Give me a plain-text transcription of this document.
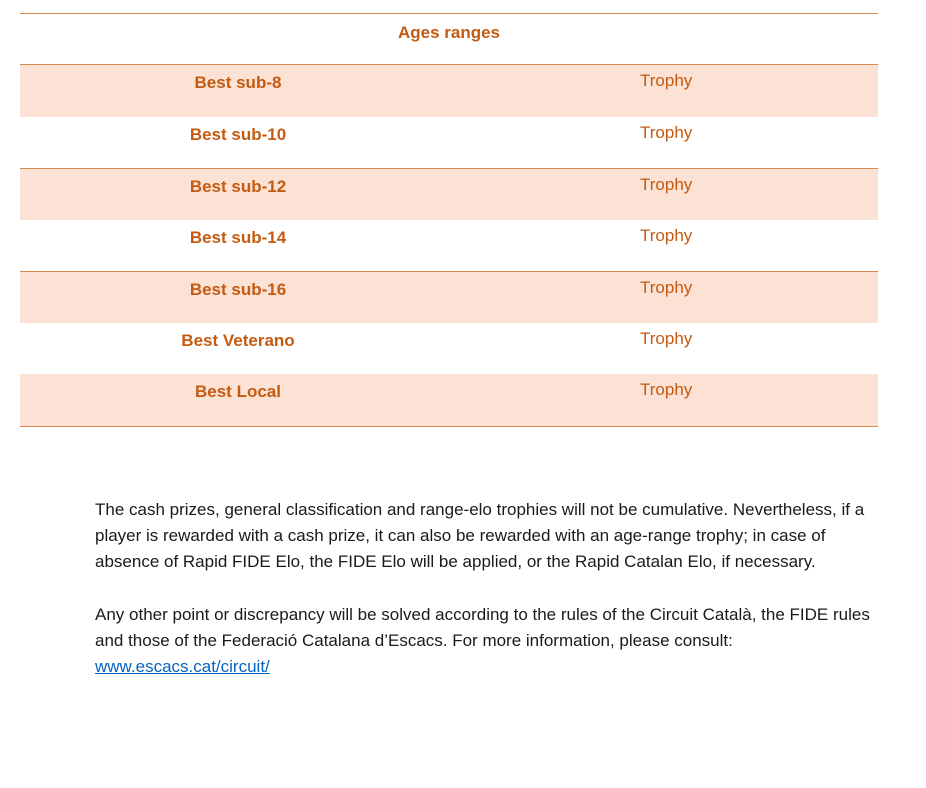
Ages ranges
Best sub-8	Trophy
Best sub-10	Trophy
Best sub-12	Trophy
Best sub-14	Trophy
Best sub-16	Trophy
Best Veterano	Trophy
Best Local	Trophy

The cash prizes, general classification and range-elo trophies will not be cumulative. Nevertheless, if a player is rewarded with a cash prize, it can also be rewarded with an age-range trophy; in case of absence of Rapid FIDE Elo, the FIDE Elo will be applied, or the Rapid Catalan Elo, if necessary.

Any other point or discrepancy will be solved according to the rules of the Circuit Català, the FIDE rules and those of the Federació Catalana d’Escacs. For more information, please consult:
www.escacs.cat/circuit/
